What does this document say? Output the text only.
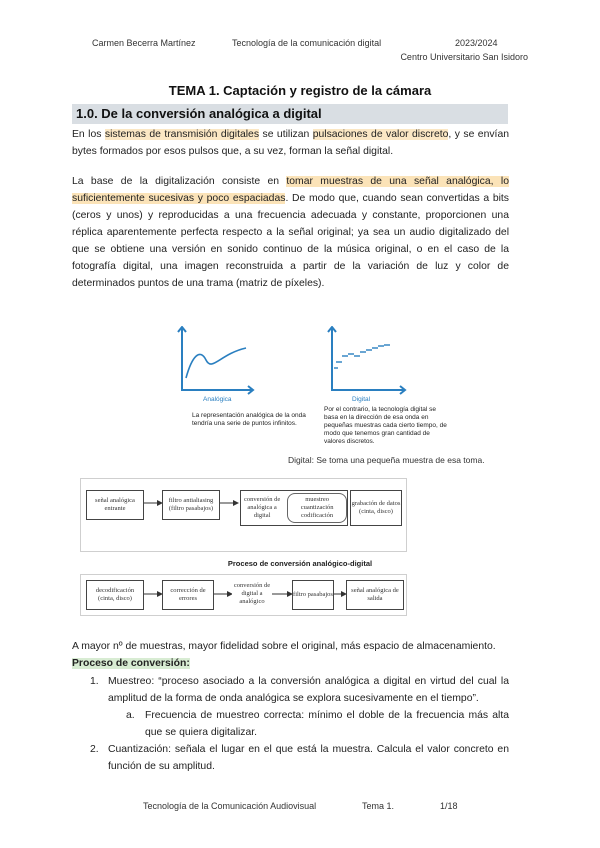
Carmen Becerra Martínez	Tecnología de la comunicación digital	2023/2024
Centro Universitario San Isidoro
TEMA 1. Captación y registro de la cámara
1.0. De la conversión analógica a digital
En los sistemas de transmisión digitales se utilizan pulsaciones de valor discreto, y se envían bytes formados por esos pulsos que, a su vez, forman la señal digital.
La base de la digitalización consiste en tomar muestras de una señal analógica, lo suficientemente sucesivas y poco espaciadas. De modo que, cuando sean convertidas a bits (ceros y unos) y reproducidas a una frecuencia adecuada y constante, proporcionen una réplica aparentemente perfecta respecto a la señal original; ya sea un audio digitalizado del que se obtiene una versión en sonido continuo de la música original, o en el caso de la fotografía digital, una imagen reconstruida a partir de la variación de luz y color de determinados puntos de una trama (matriz de píxeles).
Analógica	Digital
La representación analógica de la onda tendría una serie de puntos infinitos.
Por el contrario, la tecnología digital se basa en la dirección de esa onda en pequeñas muestras cada cierto tiempo, de modo que tenemos gran cantidad de valores discretos.
Digital: Se toma una pequeña muestra de esa toma.
Proceso de conversión analógico-digital
señal analógica entrante
filtro antialiasing (filtro pasabajos)
conversión de analógica a digital
muestreo cuantización codificación
grabación de datos (cinta, disco)
decodificación (cinta, disco)
corrección de errores
conversión de digital a analógico
filtro pasabajos
señal analógica de salida
A mayor nº de muestras, mayor fidelidad sobre el original, más espacio de almacenamiento.
Proceso de conversión:
1. Muestreo: “proceso asociado a la conversión analógica a digital en virtud del cual la amplitud de la forma de onda analógica se explora sucesivamente en el tiempo”.
a. Frecuencia de muestreo correcta: mínimo el doble de la frecuencia más alta que se quiera digitalizar.
2. Cuantización: señala el lugar en el que está la muestra. Calcula el valor concreto en función de su amplitud.
Tecnología de la Comunicación Audiovisual	Tema 1.	1/18
